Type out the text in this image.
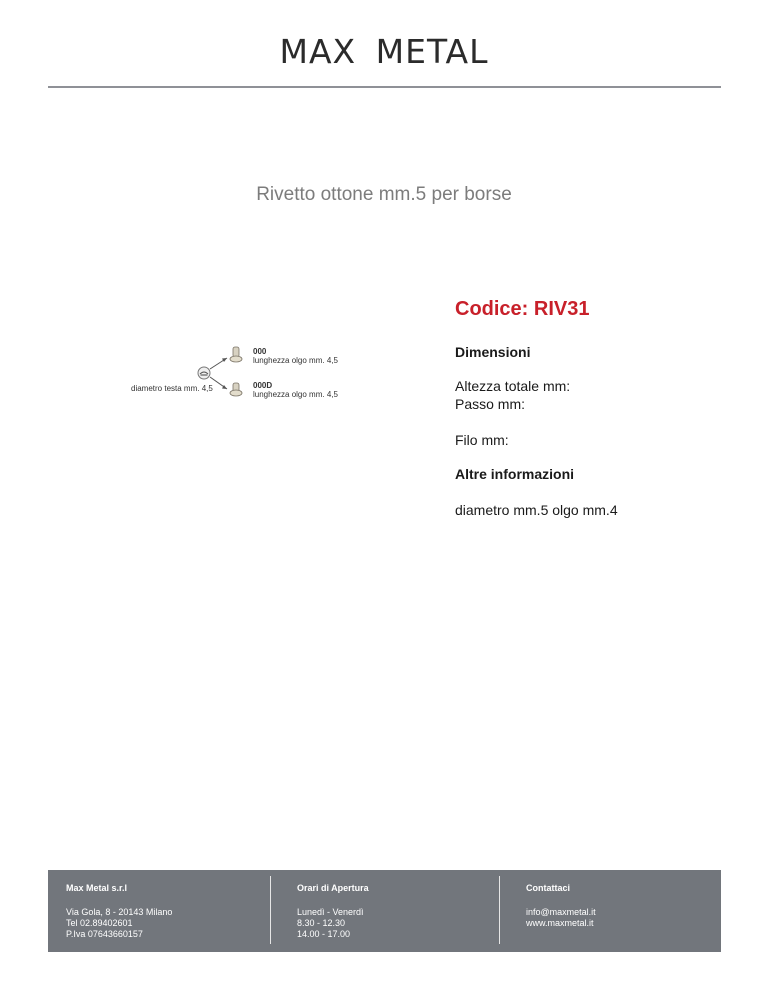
MAX METAL
Rivetto ottone mm.5 per borse
diametro testa mm. 4,5
000
lunghezza olgo mm. 4,5
000D
lunghezza olgo mm. 4,5
Codice: RIV31
Dimensioni
Altezza totale mm:
Passo mm:
Filo mm:
Altre informazioni
diametro mm.5 olgo mm.4
Max Metal s.r.l
Via Gola, 8 - 20143 Milano
Tel 02.89402601
P.Iva 07643660157
Orari di Apertura
Lunedì - Venerdì
8.30 - 12.30
14.00 - 17.00
Contattaci
info@maxmetal.it
www.maxmetal.it
